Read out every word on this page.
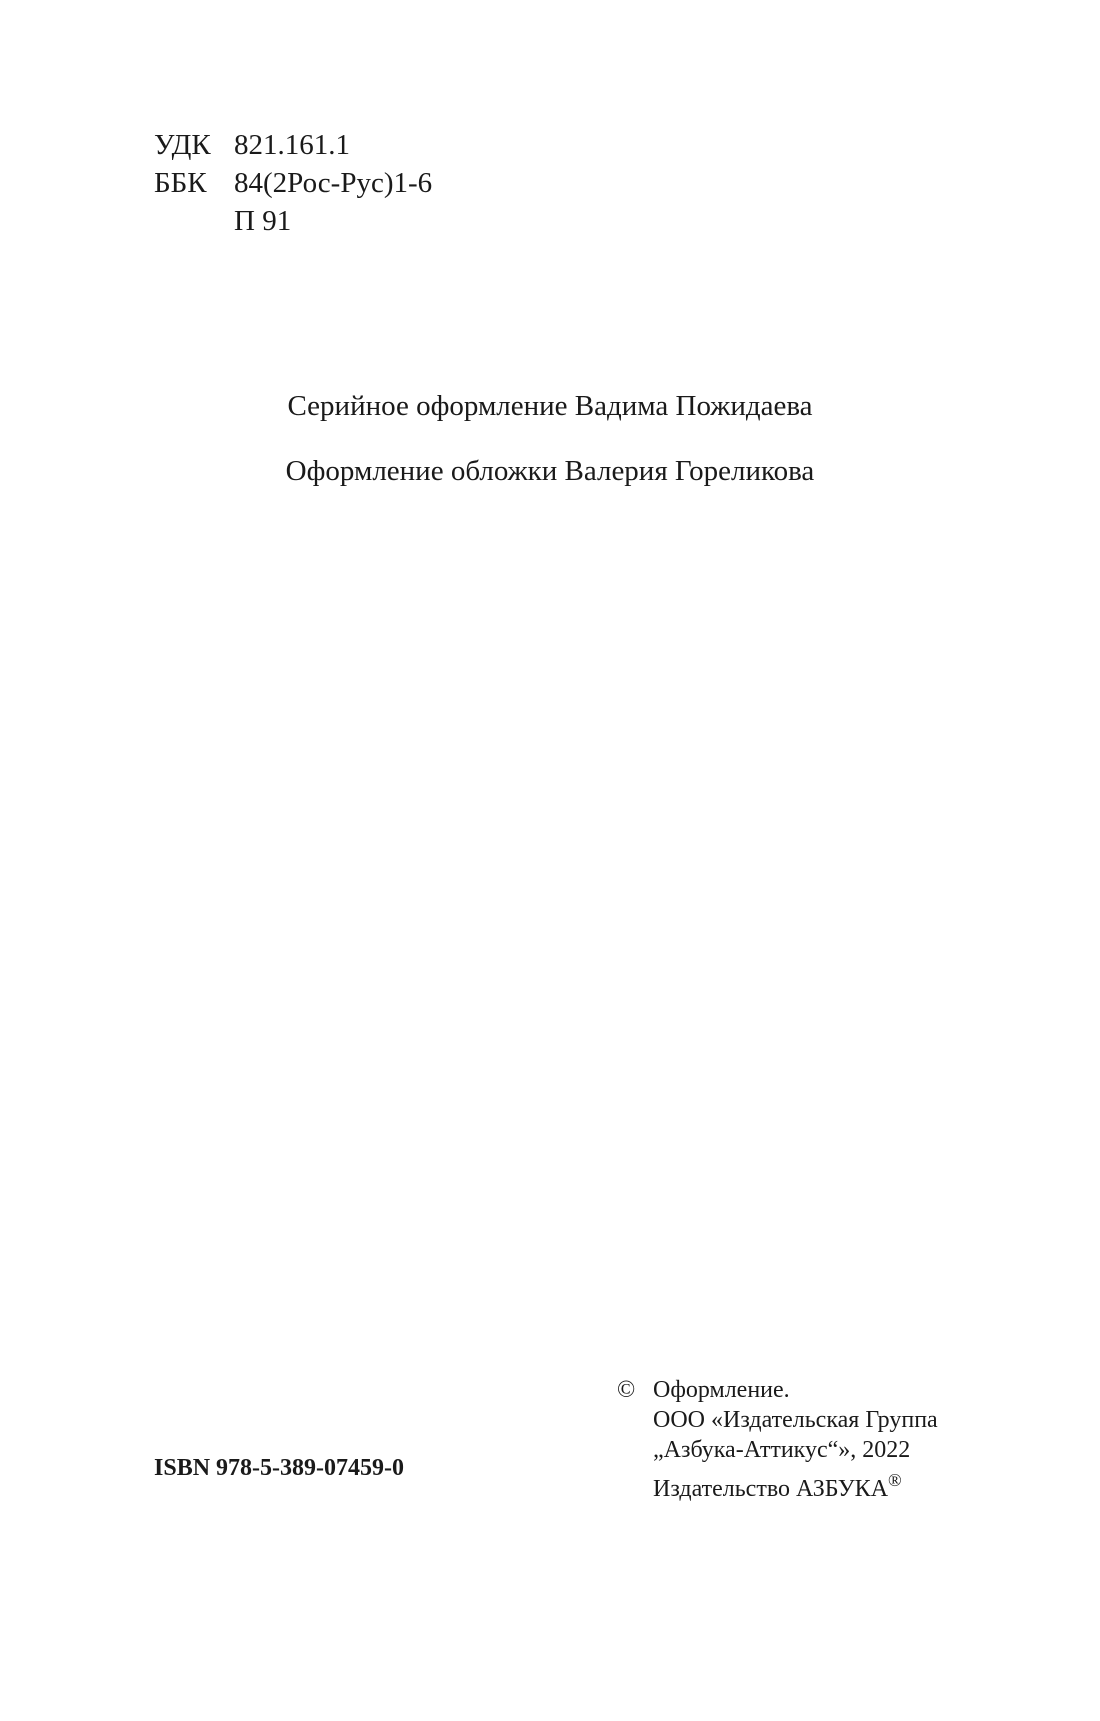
УДК 821.161.1
ББК 84(2Рос-Рус)1-6
П 91
Серийное оформление Вадима Пожидаева
Оформление обложки Валерия Гореликова
ISBN 978-5-389-07459-0
© Оформление.
ООО «Издательская Группа
„Азбука-Аттикус“», 2022
Издательство АЗБУКА®
